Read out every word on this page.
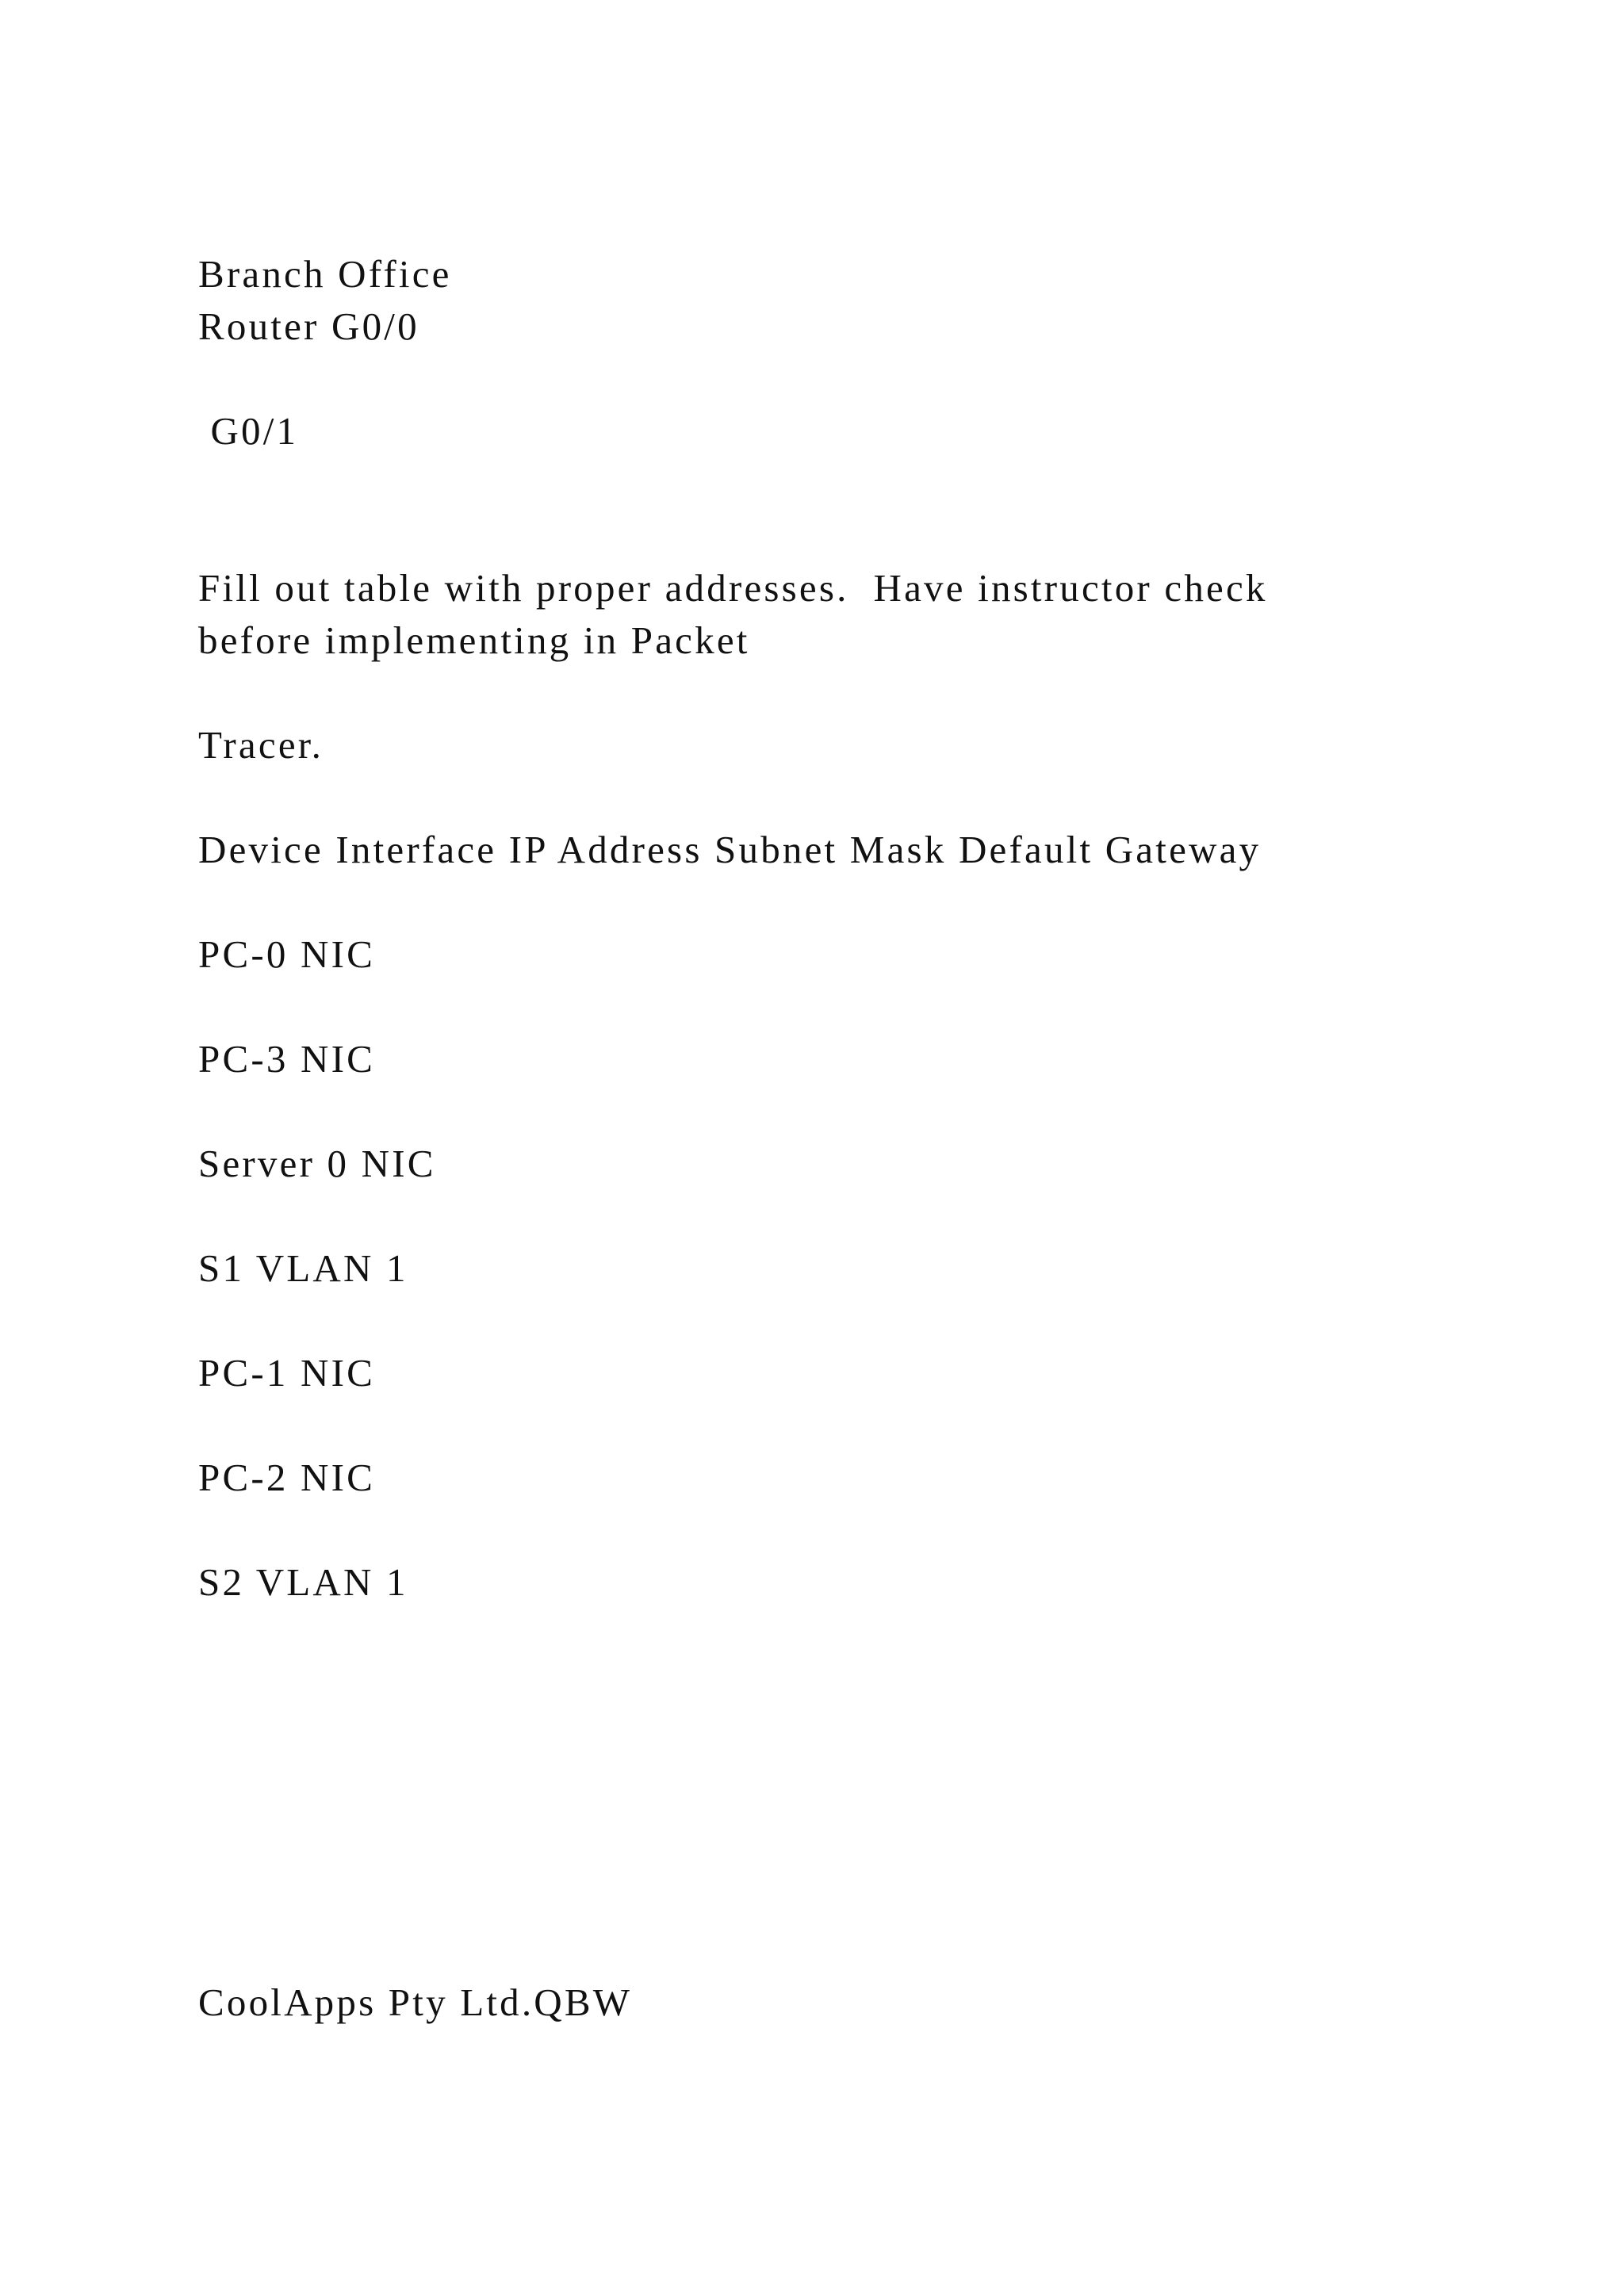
Branch Office
Router G0/0
G0/1
Fill out table with proper addresses.  Have instructor check
before implementing in Packet
Tracer.
Device Interface IP Address Subnet Mask Default Gateway
PC-0 NIC
PC-3 NIC
Server 0 NIC
S1 VLAN 1
PC-1 NIC
PC-2 NIC
S2 VLAN 1
CoolApps Pty Ltd.QBW
